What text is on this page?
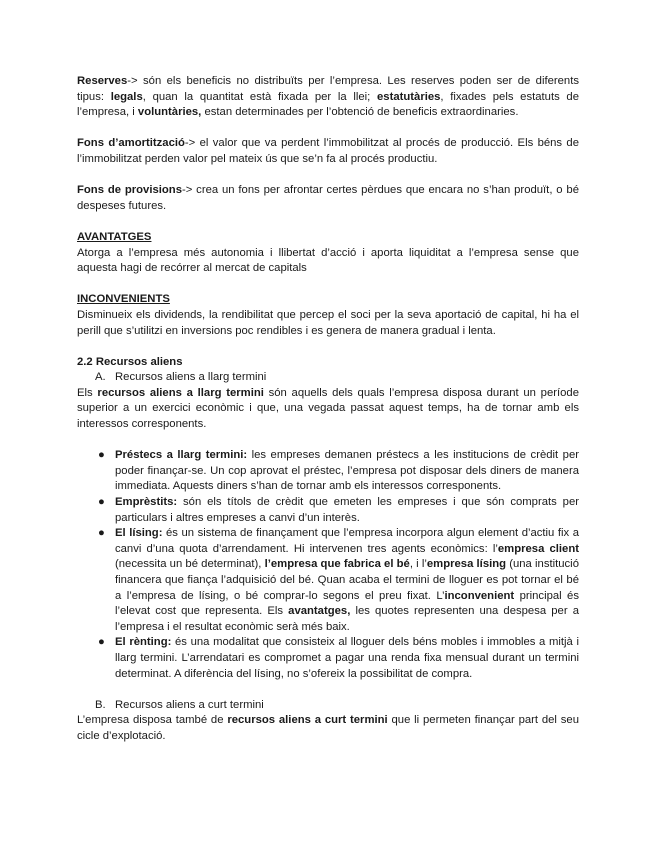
Reserves-> són els beneficis no distribuïts per l’empresa. Les reserves poden ser de diferents tipus: legals, quan la quantitat està fixada per la llei; estatutàries, fixades pels estatuts de l’empresa, i voluntàries, estan determinades per l’obtenció de beneficis extraordinaries.

Fons d’amortització-> el valor que va perdent l’immobilitzat al procés de producció. Els béns de l’immobilitzat perden valor pel mateix ús que se’n fa al procés productiu.

Fons de provisions-> crea un fons per afrontar certes pèrdues que encara no s’han produït, o bé despeses futures.

AVANTATGES

Atorga a l’empresa més autonomia i llibertat d’acció i aporta liquiditat a l’empresa sense que aquesta hagi de recórrer al mercat de capitals

INCONVENIENTS

Disminueix els dividends, la rendibilitat que percep el soci per la seva aportació de capital, hi ha el perill que s’utilitzi en inversions poc rendibles i es genera de manera gradual i lenta.

2.2 Recursos aliens

A. Recursos aliens a llarg termini

Els recursos aliens a llarg termini són aquells dels quals l’empresa disposa durant un període superior a un exercici econòmic i que, una vegada passat aquest temps, ha de tornar amb els interessos corresponents.

● Préstecs a llarg termini: les empreses demanen préstecs a les institucions de crèdit per poder finançar-se. Un cop aprovat el préstec, l’empresa pot disposar dels diners de manera immediata. Aquests diners s’han de tornar amb els interessos corresponents.
● Emprèstits: són els títols de crèdit que emeten les empreses i que són comprats per particulars i altres empreses a canvi d’un interès.
● El lísing: és un sistema de finançament que l’empresa incorpora algun element d’actiu fix a canvi d’una quota d’arrendament. Hi intervenen tres agents econòmics: l’empresa client (necessita un bé determinat), l’empresa que fabrica el bé, i l’empresa lísing (una institució financera que fiança l’adquisició del bé. Quan acaba el termini de lloguer es pot tornar el bé a l’empresa de lísing, o bé comprar-lo segons el preu fixat. L’inconvenient principal és l’elevat cost que representa. Els avantatges, les quotes representen una despesa per a l’empresa i el resultat econòmic serà més baix.
● El rènting: és una modalitat que consisteix al lloguer dels béns mobles i immobles a mitjà i llarg termini. L’arrendatari es compromet a pagar una renda fixa mensual durant un termini determinat. A diferència del lísing, no s’ofereix la possibilitat de compra.

B. Recursos aliens a curt termini

L’empresa disposa també de recursos aliens a curt termini que li permeten finançar part del seu cicle d’explotació.
